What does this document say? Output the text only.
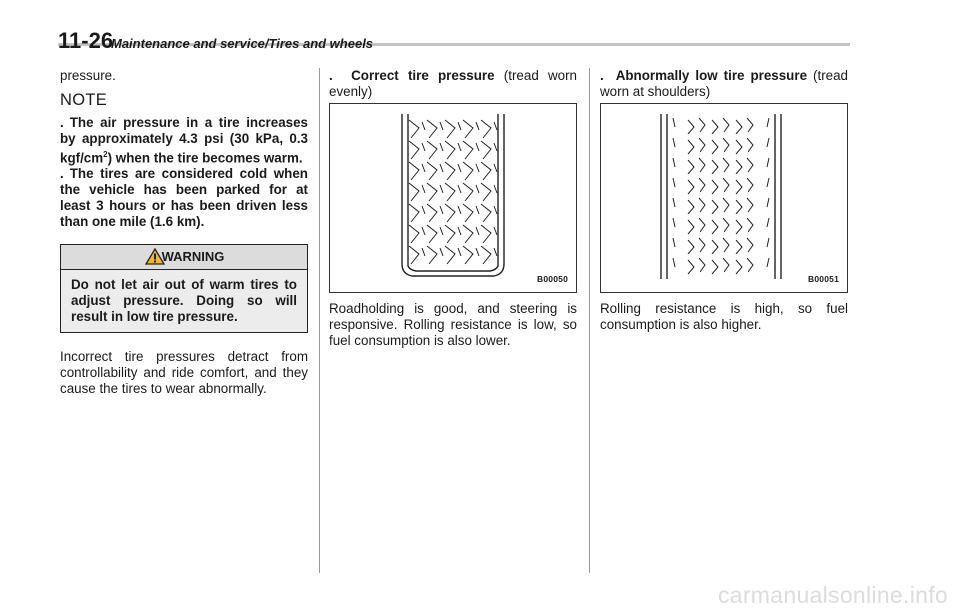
11-26
Maintenance and service/Tires and wheels

pressure.

NOTE

. The air pressure in a tire increases by approximately 4.3 psi (30 kPa, 0.3 kgf/$cm^2$) when the tire becomes warm.

. The tires are considered cold when the vehicle has been parked for at least 3 hours or has been driven less than one mile (1.6 km).

WARNING
Do not let air out of warm tires to adjust pressure. Doing so will result in low tire pressure.

Incorrect tire pressures detract from controllability and ride comfort, and they cause the tires to wear abnormally.

. Correct tire pressure (tread worn evenly)

B00050

Roadholding is good, and steering is responsive. Rolling resistance is low, so fuel consumption is also lower.

. Abnormally low tire pressure (tread worn at shoulders)

B00051

Rolling resistance is high, so fuel consumption is also higher.

carmanualsonline.info
